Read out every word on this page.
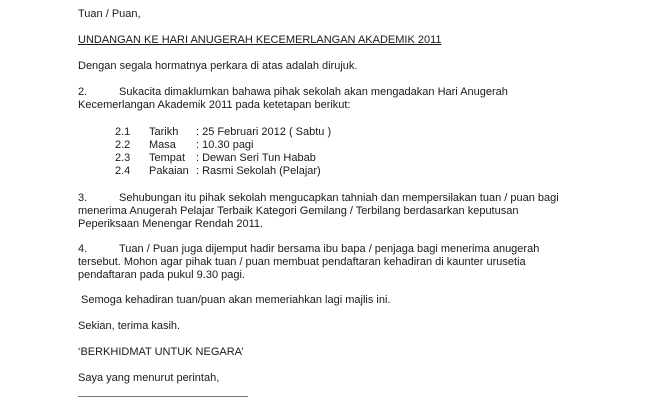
Tuan / Puan,
UNDANGAN KE HARI ANUGERAH KECEMERLANGAN AKADEMIK 2011
Dengan segala hormatnya perkara di atas adalah dirujuk.
2.	Sukacita dimaklumkan bahawa pihak sekolah akan mengadakan Hari Anugerah
Kecemerlangan Akademik 2011 pada ketetapan berikut:
2.1 Tarikh : 25 Februari 2012 ( Sabtu )
2.2 Masa : 10.30 pagi
2.3 Tempat : Dewan Seri Tun Habab
2.4 Pakaian : Rasmi Sekolah (Pelajar)
3.	Sehubungan itu pihak sekolah mengucapkan tahniah dan mempersilakan tuan / puan bagi
menerima Anugerah Pelajar Terbaik Kategori Gemilang / Terbilang berdasarkan keputusan
Peperiksaan Menengar Rendah 2011.
4.	Tuan / Puan juga dijemput hadir bersama ibu bapa / penjaga bagi menerima anugerah
tersebut. Mohon agar pihak tuan / puan membuat pendaftaran kehadiran di kaunter urusetia
pendaftaran pada pukul 9.30 pagi.
Semoga kehadiran tuan/puan akan memeriahkan lagi majlis ini.
Sekian, terima kasih.
‘BERKHIDMAT UNTUK NEGARA’
Saya yang menurut perintah,
